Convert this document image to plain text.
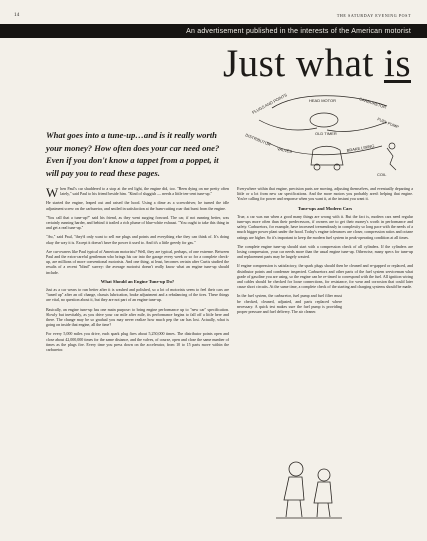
14	THE SATURDAY EVENING POST
An advertisement published in the interests of the American motorist
Just what is
What goes into a tune-up…and is it really worth your money? How often does your car need one? Even if you don't know a tappet from a poppet, it will pay you to read these pages.
PLUGS AND POINTS	HEAD MOTOR	CARBURETOR
FUEL PUMP
OLD TIMER
DISTRIBUTOR
VALVES	BRAKE LINING
COIL

When Paul's car shuddered to a stop at the red light, the engine did, too. "Been dying on me pretty often lately," said Paul to his friend beside him. "Kind of sluggish — needs a little ten-cent tune-up."

He started the engine, leaped out and raised the hood. Using a dime as a screwdriver, he turned the idle adjustment screw on the carburetor, and smiled in satisfaction at the hum-cutting roar that burst from the engine.

"You call that a tune-up?" said his friend, as they went surging forward. The car, if not running better, was certainly running harder, and behind it trailed a rich plume of blue-white exhaust. "You ought to take this thing in and get a real tune-up."

"Aw," said Paul, "they'd only want to sell me plugs and points and everything else they can think of. It's doing okay the way it is. Except it doesn't have the power it used to. And it's a little greedy for gas."

Are car-owners like Paul typical of American motorists? Well, they are typical, perhaps, of one extreme. Between Paul and the extra-careful gentleman who brings his car into the garage every week or so for a complete check-up, are millions of more conventional motorists. And one thing, at least, becomes certain after Curtis studied the results of a recent "blind" survey: the average motorist doesn't really know what an engine tune-up should include.

What Should an Engine Tune-up Do?

Just as a car wears to run better after it is washed and polished, so a lot of motorists seem to feel their cars are "tuned up" after an oil change, chassis lubrication, brake adjustment and a rebalancing of the tires. These things are vital, no question about it, but they are not part of an engine tune-up.

Basically, an engine tune-up has one main purpose: to bring engine performance up to "new car" specification. Slowly but inevitably, as you drive your car mile after mile, its performance begins to fall off a little here and there. The change may be so gradual you may never realize how much pep the car has lost. Actually, what is going on inside that engine, all the time?

For every 5,000 miles you drive, each spark plug fires about 5,250,000 times. The distributor points open and close about 42,000,000 times for the same distance, and the valves, of course, open and close the same number of times as the plugs fire. Every time you press down on the accelerator, from 10 to 15 parts move within the carburetor.

Everywhere within that engine, precision parts are moving, adjusting themselves, and eventually departing a little or a lot from new car specifications. And the more motors you probably aren't helping that engine. You're calling for power and response when you want it, at the instant you want it.

Tune-ups and Modern Cars

True, a car was run when a good many things are wrong with it. But the fact is, modern cars need regular tune-ups more often than their predecessors, if owners are to get their money's worth in performance and safety. Carburetors, for example, have increased tremendously in complexity so long pace with the needs of a much bigger power plant under the hood. Today's engine tolerances are closer, compression ratios and octane ratings are higher. So it's important to keep the modern fuel system in peak-operating condition at all times.

The complete engine tune-up should start with a compression check of all cylinders. If the cylinders are losing compression, your car needs more than the usual engine tune-up. Otherwise, many specs for tune-up and replacement parts may be largely wasted.

If engine compression is satisfactory, the spark plugs should then be cleaned and re-gapped or replaced, and distributor points and condenser inspected. Carburetors and other parts of the fuel system serviceman what grade of gasoline you are using, so the engine can be re-timed to correspond with the fuel. All ignition wiring and cables should be checked for loose connections, for resistance, for wear and corrosion that could later cause short circuits. At the same time, a complete check of the starting and charging systems should be made.

In the fuel system, the carburetor, fuel pump and fuel filter must be checked, cleaned, adjusted, and parts replaced where necessary. A quick test makes sure the fuel pump is providing proper pressure and fuel delivery. The air cleaner.
